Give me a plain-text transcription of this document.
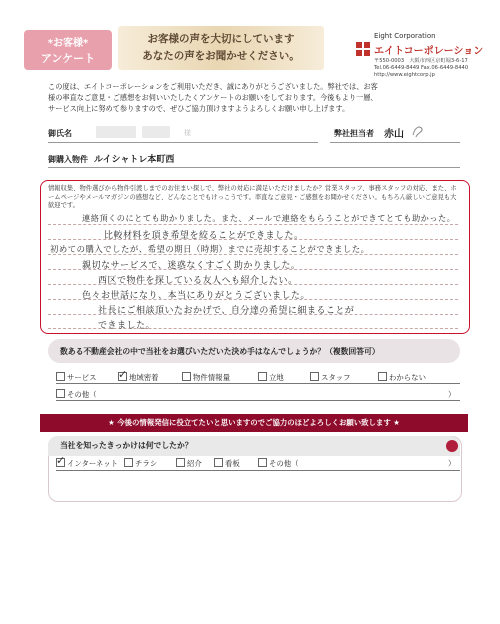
*お客様*
アンケート
お客様の声を大切にしています
あなたの声をお聞かせください。
Eight Corporation
エイトコーポレーション
〒550-0003　大阪市西区京町堀3-6-17
Tel.06-6449-8449 Fax.06-6449-8440
http://www.eightcorp.jp
この度は、エイトコーポレーションをご利用いただき、誠にありがとうございました。弊社では、お客様の率直なご意見・ご感想をお伺いいたしたくアンケートのお願いをしております。今後もより一層、サービス向上に努めて参りますので、ぜひご協力頂けますようよろしくお願い申し上げます。
御氏名	様	弊社担当者 赤山
御購入物件 ルイシャトレ本町西
情報収集、物件選びから物件引渡しまでのお住まい探しで、弊社の対応に満足いただけましたか？営業スタッフ、事務スタッフの対応、また、ホームページやメールマガジンの感想など、どんなことでもけっこうです。率直なご意見・ご感想をお聞かせください。もちろん厳しいご意見も大歓迎です。
連絡頂くのにとても助かりました。また、メールで連絡をもらうことができてとても助かった。
比較材料を頂き希望を絞ることができました。
初めての購入でしたが、希望の期日（時期）までに売却することができました。
親切なサービスで、迷惑なくすごく助かりました。
西区で物件を探している友人へも紹介したい。
色々お世話になり、本当にありがとうございました。
社長にご相談頂いたおかげで、自分達の希望に細まることが
できました。
数ある不動産会社の中で当社をお選びいただいた決め手はなんでしょうか？（複数回答可）
サービス
✓	地域密着	物件情報量	立地	スタッフ	わからない
その他（	）
★ 今後の情報発信に役立てたいと思いますのでご協力のほどよろしくお願い致します ★
当社を知ったきっかけは何でしたか？
✓インターネット	チラシ	紹介	看板	その他（	）
